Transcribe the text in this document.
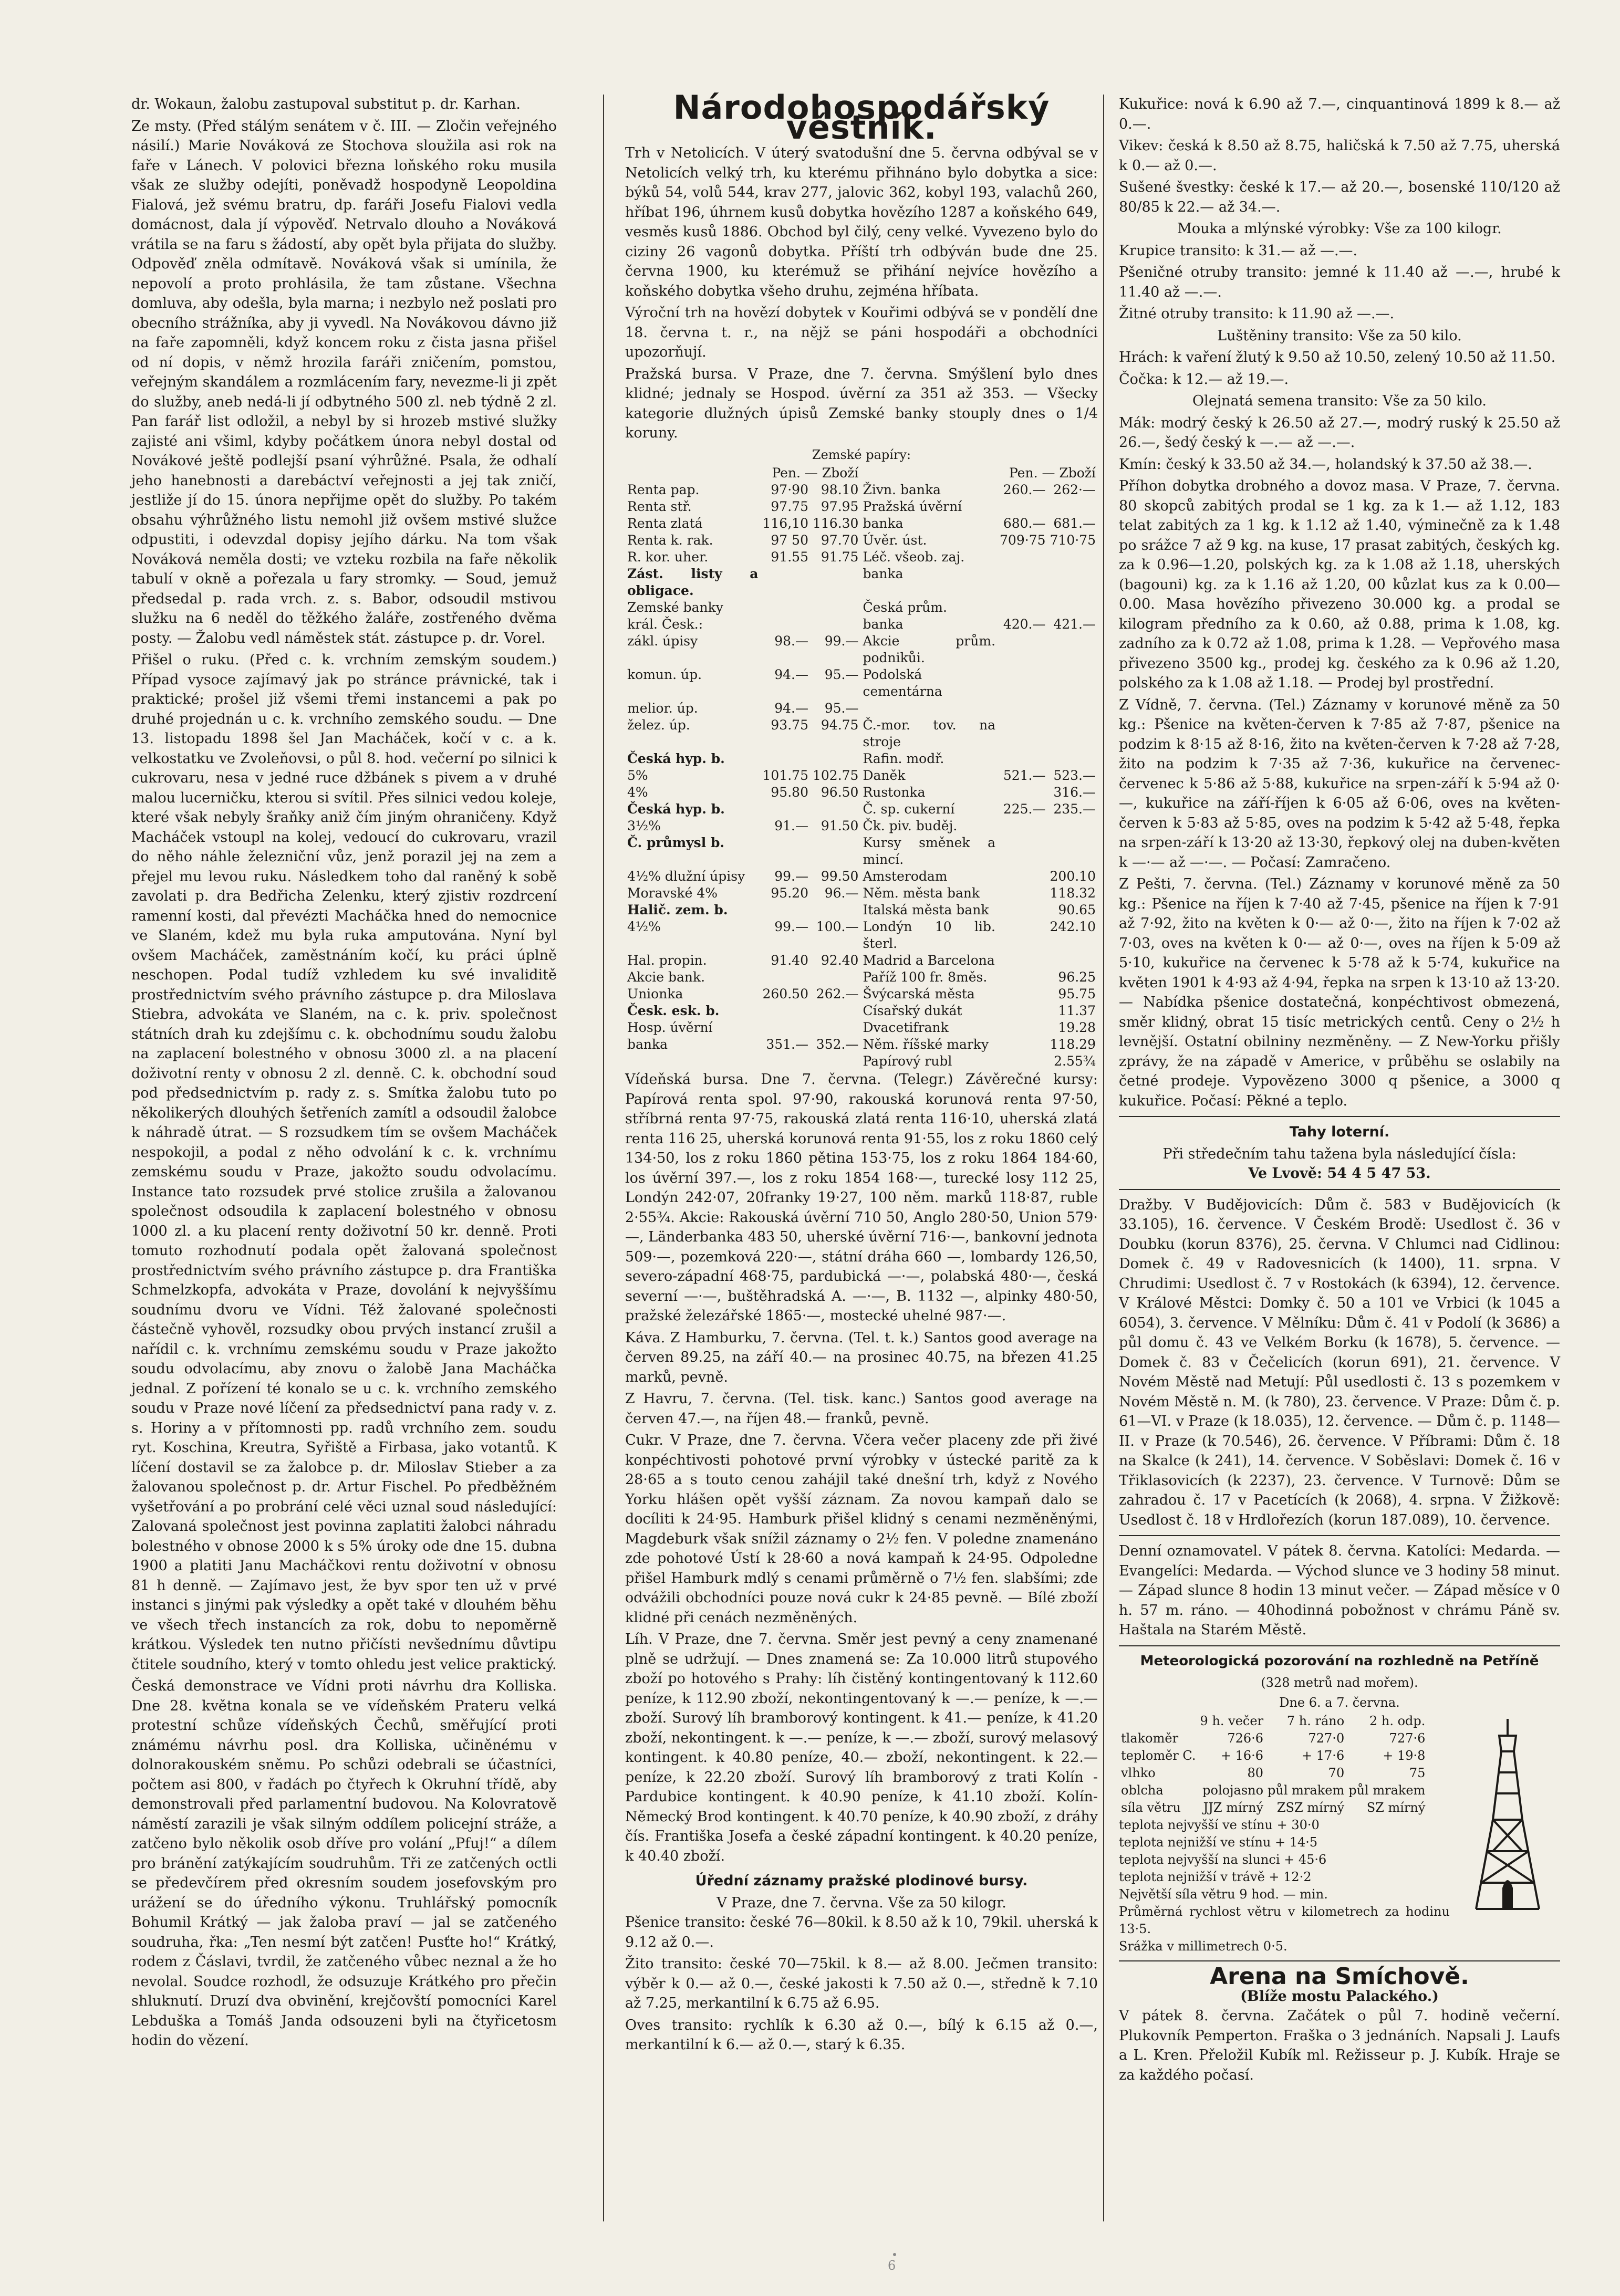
dr. Wokaun, žalobu zastupoval substitut p. dr. Karhan.

Ze msty. (Před stálým senátem v č. III. — Zločin veřejného násilí.) Marie Nováková ze Stochova sloužila asi rok na faře v Lánech. V polovici března loňského roku musila však ze služby odejíti, poněvadž hospodyně Leopoldina Fialová, jež svému bratru, dp. faráři Josefu Fialovi vedla domácnost, dala jí výpověď. Netrvalo dlouho a Nováková vrátila se na faru s žádostí, aby opět byla přijata do služby. Odpověď zněla odmítavě. Nováková však si umínila, že nepovolí a proto prohlásila, že tam zůstane. Všechna domluva, aby odešla, byla marna; i nezbylo než poslati pro obecního strážníka, aby ji vyvedl. Na Novákovou dávno již na faře zapomněli, když koncem roku z čista jasna přišel od ní dopis, v němž hrozila faráři zničením, pomstou, veřejným skandálem a rozmlácením fary, nevezme-li ji zpět do služby, aneb nedá-li jí odbytného 500 zl. neb týdně 2 zl. Pan farář list odložil, a nebyl by si hrozeb mstivé služky zajisté ani všiml, kdyby počátkem února nebyl dostal od Novákové ještě podlejší psaní výhrůžné. Psala, že odhalí jeho hanebnosti a darebáctví veřejnosti a jej tak zničí, jestliže jí do 15. února nepřijme opět do služby. Po takém obsahu výhrůžného listu nemohl již ovšem mstivé služce odpustiti, i odevzdal dopisy jejího dárku. Na tom však Nováková neměla dosti; ve vzteku rozbila na faře několik tabulí v okně a pořezala u fary stromky. — Soud, jemuž předsedal p. rada vrch. z. s. Babor, odsoudil mstivou služku na 6 neděl do těžkého žaláře, zostřeného dvěma posty. — Žalobu vedl náměstek stát. zástupce p. dr. Vorel.

Přišel o ruku. (Před c. k. vrchním zemským soudem.) Případ vysoce zajímavý jak po stránce právnické, tak i praktické; prošel již všemi třemi instancemi a pak po druhé projednán u c. k. vrchního zemského soudu. — Dne 13. listopadu 1898 šel Jan Macháček, kočí v c. a k. velkostatku ve Zvoleňovsi, o půl 8. hod. večerní po silnici k cukrovaru, nesa v jedné ruce džbánek s pivem a v druhé malou lucerničku, kterou si svítil. Přes silnici vedou koleje, které však nebyly šraňky aniž čím jiným ohraničeny. Když Macháček vstoupl na kolej, vedoucí do cukrovaru, vrazil do něho náhle železniční vůz, jenž porazil jej na zem a přejel mu levou ruku. Následkem toho dal raněný k sobě zavolati p. dra Bedřicha Zelenku, který zjistiv rozdrcení ramenní kosti, dal převézti Macháčka hned do nemocnice ve Slaném, kdež mu byla ruka amputována. Nyní byl ovšem Macháček, zaměstnáním kočí, ku práci úplně neschopen. Podal tudíž vzhledem ku své invaliditě prostřednictvím svého právního zástupce p. dra Miloslava Stiebra, advokáta ve Slaném, na c. k. priv. společnost státních drah ku zdejšímu c. k. obchodnímu soudu žalobu na zaplacení bolestného v obnosu 3000 zl. a na placení doživotní renty v obnosu 2 zl. denně. C. k. obchodní soud pod předsednictvím p. rady z. s. Smítka žalobu tuto po několikerých dlouhých šetřeních zamítl a odsoudil žalobce k náhradě útrat. — S rozsudkem tím se ovšem Macháček nespokojil, a podal z něho odvolání k c. k. vrchnímu zemskému soudu v Praze, jakožto soudu odvolacímu. Instance tato rozsudek prvé stolice zrušila a žalovanou společnost odsoudila k zaplacení bolestného v obnosu 1000 zl. a ku placení renty doživotní 50 kr. denně. Proti tomuto rozhodnutí podala opět žalovaná společnost prostřednictvím svého právního zástupce p. dra Františka Schmelzkopfa, advokáta v Praze, dovolání k nejvyššímu soudnímu dvoru ve Vídni. Též žalované společnosti částečně vyhověl, rozsudky obou prvých instancí zrušil a nařídil c. k. vrchnímu zemskému soudu v Praze jakožto soudu odvolacímu, aby znovu o žalobě Jana Macháčka jednal. Z pořízení té konalo se u c. k. vrchního zemského soudu v Praze nové líčení za předsednictví pana rady v. z. s. Horiny a v přítomnosti pp. radů vrchního zem. soudu ryt. Koschina, Kreutra, Syřiště a Firbasa, jako votantů. K líčení dostavil se za žalobce p. dr. Miloslav Stieber a za žalovanou společnost p. dr. Artur Fischel. Po předběžném vyšetřování a po probrání celé věci uznal soud následující: Zalovaná společnost jest povinna zaplatiti žalobci náhradu bolestného v obnose 2000 k s 5% úroky ode dne 15. dubna 1900 a platiti Janu Macháčkovi rentu doživotní v obnosu 81 h denně. — Zajímavo jest, že byv spor ten už v prvé instanci s jinými pak výsledky a opět také v dlouhém běhu ve všech třech instancích za rok, dobu to nepoměrně krátkou. Výsledek ten nutno přičísti nevšednímu důvtipu čtitele soudního, který v tomto ohledu jest velice praktický.

Česká demonstrace ve Vídni proti návrhu dra Kolliska. Dne 28. května konala se ve vídeňském Prateru velká protestní schůze vídeňských Čechů, směřující proti známému návrhu posl. dra Kolliska, učiněnému v dolnorakouském sněmu. Po schůzi odebrali se účastníci, počtem asi 800, v řadách po čtyřech k Okruhní třídě, aby demonstrovali před parlamentní budovou. Na Kolovratově náměstí zarazili je však silným oddílem policejní stráže, a zatčeno bylo několik osob dříve pro volání „Pfuj!“ a dílem pro bránění zatýkajícím soudruhům. Tři ze zatčených octli se předevčírem před okresním soudem josefovským pro urážení se do úředního výkonu. Truhlářský pomocník Bohumil Krátký — jak žaloba praví — jal se zatčeného soudruha, řka: „Ten nesmí být zatčen! Pusťte ho!“ Krátký, rodem z Čáslavi, tvrdil, že zatčeného vůbec neznal a že ho nevolal. Soudce rozhodl, že odsuzuje Krátkého pro přečin shluknutí. Druzí dva obvinění, krejčovští pomocníci Karel Lebduška a Tomáš Janda odsouzeni byli na čtyřicetosm hodin do vězení.

Národohospodářský věstník.

Trh v Netolicích. V úterý svatodušní dne 5. června odbýval se v Netolicích velký trh, ku kterému přihnáno bylo dobytka a sice: býků 54, volů 544, krav 277, jalovic 362, kobyl 193, valachů 260, hříbat 196, úhrnem kusů dobytka hovězího 1287 a koňského 649, vesměs kusů 1886. Obchod byl čilý, ceny velké. Vyvezeno bylo do ciziny 26 vagonů dobytka. Příští trh odbýván bude dne 25. června 1900, ku kterémuž se přihání nejvíce hovězího a koňského dobytka všeho druhu, zejména hříbata.

Výroční trh na hovězí dobytek v Kouřimi odbývá se v pondělí dne 18. června t. r., na nějž se páni hospodáři a obchodníci upozorňují.

Pražská bursa. V Praze, dne 7. června. Smýšlení bylo dnes klidné; jednaly se Hospod. úvěrní za 351 až 353. — Všecky kategorie dlužných úpisů Zemské banky stouply dnes o 1/4 koruny.

Zemské papíry:
	Pen. — Zboží			Pen. — Zboží	
Renta pap.	97·90	98.10	Živn. banka	260.—	262·—
Renta stř.	97.75	97.95	Pražská úvěrní		
Renta zlatá	116,10	116.30	banka	680.—	681.—
Renta k. rak.	97 50	97.70	Úvěr. úst.	709·75	710·75
R. kor. uher.	91.55	91.75	Léč. všeob. zaj.		
Zást. listy a obligace.			banka		
Zemské banky			Česká prům.		
král. Česk.:			banka	420.—	421.—
zákl. úpisy	98.—	99.—	Akcie prům. podnikůi.		
komun. úp.	94.—	95.—	Podolská cementárna		
melior. úp.	94.—	95.—			
želez. úp.	93.75	94.75	Č.-mor. tov. na stroje		
Česká hyp. b.			Rafin. modř.		
5%	101.75	102.75	Daněk	521.—	523.—
4%	95.80	96.50	Rustonka		316.—
Česká hyp. b.			Č. sp. cukerní	225.—	235.—
3½%	91.—	91.50	Čk. piv. buděj.		
Č. průmysl b.			Kursy směnek a mincí.		
4½% dlužní úpisy	99.—	99.50	Amsterodam		200.10
Moravské 4%	95.20	96.—	Něm. města bank		118.32
Halič. zem. b.			Italská města bank		90.65
4½%	99.—	100.—	Londýn 10 lib. šterl.		242.10
Hal. propin.	91.40	92.40	Madrid a Barcelona		
Akcie bank.			Paříž 100 fr. 8měs.		96.25
Unionka	260.50	262.—	Švýcarská města		95.75
Česk. esk. b.			Císařský dukát		11.37
Hosp. úvěrní			Dvacetifrank		19.28
banka	351.—	352.—	Něm. říšské marky		118.29
			Papírový rubl		2.55¾

Vídeňská bursa. Dne 7. června. (Telegr.) Závěrečné kursy: Papírová renta spol. 97·90, rakouská korunová renta 97·50, stříbrná renta 97·75, rakouská zlatá renta 116·10, uherská zlatá renta 116 25, uherská korunová renta 91·55, los z roku 1860 celý 134·50, los z roku 1860 pětina 153·75, los z roku 1864 184·60, los úvěrní 397.—, los z roku 1854 168·—, turecké losy 112 25, Londýn 242·07, 20franky 19·27, 100 něm. marků 118·87, ruble 2·55¾. Akcie: Rakouská úvěrní 710 50, Anglo 280·50, Union 579·—, Länderbanka 483 50, uherské úvěrní 716·—, bankovní jednota 509·—, pozemková 220·—, státní dráha 660 —, lombardy 126,50, severo-západní 468·75, pardubická —·—, polabská 480·—, česká severní —·—, buštěhradská A. —·—, B. 1132 —, alpinky 480·50, pražské železářské 1865·—, mostecké uhelné 987·—.

Káva. Z Hamburku, 7. června. (Tel. t. k.) Santos good average na červen 89.25, na září 40.— na prosinec 40.75, na březen 41.25 marků, pevně.

Z Havru, 7. června. (Tel. tisk. kanc.) Santos good average na červen 47.—, na říjen 48.— franků, pevně.

Cukr. V Praze, dne 7. června. Včera večer placeny zde při živé konpéchtivosti pohotové první výrobky v ústecké paritě za k 28·65 a s touto cenou zahájil také dnešní trh, když z Nového Yorku hlášen opět vyšší záznam. Za novou kampaň dalo se docíliti k 24·95. Hamburk přišel klidný s cenami nezměněnými, Magdeburk však snížil záznamy o 2½ fen. V poledne znamenáno zde pohotové Ústí k 28·60 a nová kampaň k 24·95. Odpoledne přišel Hamburk mdlý s cenami průměrně o 7½ fen. slabšími; zde odvážili obchodníci pouze nová cukr k 24·85 pevně. — Bílé zboží klidné při cenách nezměněných.

Líh. V Praze, dne 7. června. Směr jest pevný a ceny znamenané plně se udržují. — Dnes znamená se: Za 10.000 litrů stupového zboží po hotového s Prahy: líh čistěný kontingentovaný k 112.60 peníze, k 112.90 zboží, nekontingentovaný k —.— peníze, k —.— zboží. Surový líh bramborový kontingent. k 41.— peníze, k 41.20 zboží, nekontingent. k —.— peníze, k —.— zboží, surový melasový kontingent. k 40.80 peníze, 40.— zboží, nekontingent. k 22.— peníze, k 22.20 zboží. Surový líh bramborový z trati Kolín - Pardubice kontingent. k 40.90 peníze, k 41.10 zboží. Kolín-Německý Brod kontingent. k 40.70 peníze, k 40.90 zboží, z dráhy čís. Františka Josefa a české západní kontingent. k 40.20 peníze, k 40.40 zboží.

Úřední záznamy pražské plodinové bursy.
V Praze, dne 7. června. Vše za 50 kilogr.

Pšenice transito: české 76—80kil. k 8.50 až k 10, 79kil. uherská k 9.12 až 0.—.

Žito transito: české 70—75kil. k 8.— až 8.00. Ječmen transito: výběr k 0.— až 0.—, české jakosti k 7.50 až 0.—, středně k 7.10 až 7.25, merkantilní k 6.75 až 6.95.

Oves transito: rychlík k 6.30 až 0.—, bílý k 6.15 až 0.—, merkantilní k 6.— až 0.—, starý k 6.35.

Kukuřice: nová k 6.90 až 7.—, cinquantinová 1899 k 8.— až 0.—.

Vikev: česká k 8.50 až 8.75, haličská k 7.50 až 7.75, uherská k 0.— až 0.—.

Sušené švestky: české k 17.— až 20.—, bosenské 110/120 až 80/85 k 22.— až 34.—.

Mouka a mlýnské výrobky: Vše za 100 kilogr.

Krupice transito: k 31.— až —.—.

Pšeničné otruby transito: jemné k 11.40 až —.—, hrubé k 11.40 až —.—.

Žitné otruby transito: k 11.90 až —.—.

Luštěniny transito: Vše za 50 kilo.

Hrách: k vaření žlutý k 9.50 až 10.50, zelený 10.50 až 11.50.

Čočka: k 12.— až 19.—.

Olejnatá semena transito: Vše za 50 kilo.

Mák: modrý český k 26.50 až 27.—, modrý ruský k 25.50 až 26.—, šedý český k —.— až —.—.

Kmín: český k 33.50 až 34.—, holandský k 37.50 až 38.—.

Příhon dobytka drobného a dovoz masa. V Praze, 7. června. 80 skopců zabitých prodal se 1 kg. za k 1.— až 1.12, 183 telat zabitých za 1 kg. k 1.12 až 1.40, výminečně za k 1.48 po srážce 7 až 9 kg. na kuse, 17 prasat zabitých, českých kg. za k 0.96—1.20, polských kg. za k 1.08 až 1.18, uherských (bagouni) kg. za k 1.16 až 1.20, 00 kůzlat kus za k 0.00—0.00. Masa hovězího přivezeno 30.000 kg. a prodal se kilogram předního za k 0.60, až 0.88, prima k 1.08, kg. zadního za k 0.72 až 1.08, prima k 1.28. — Vepřového masa přivezeno 3500 kg., prodej kg. českého za k 0.96 až 1.20, polského za k 1.08 až 1.18. — Prodej byl prostřední.

Z Vídně, 7. června. (Tel.) Záznamy v korunové měně za 50 kg.: Pšenice na květen-červen k 7·85 až 7·87, pšenice na podzim k 8·15 až 8·16, žito na květen-červen k 7·28 až 7·28, žito na podzim k 7·35 až 7·36, kukuřice na červenec-červenec k 5·86 až 5·88, kukuřice na srpen-září k 5·94 až 0·—, kukuřice na září-říjen k 6·05 až 6·06, oves na květen-červen k 5·83 až 5·85, oves na podzim k 5·42 až 5·48, řepka na srpen-září k 13·20 až 13·30, řepkový olej na duben-květen k —·— až —·—. — Počasí: Zamračeno.

Z Pešti, 7. června. (Tel.) Záznamy v korunové měně za 50 kg.: Pšenice na říjen k 7·40 až 7·45, pšenice na říjen k 7·91 až 7·92, žito na květen k 0·— až 0·—, žito na říjen k 7·02 až 7·03, oves na květen k 0·— až 0·—, oves na říjen k 5·09 až 5·10, kukuřice na červenec k 5·78 až k 5·74, kukuřice na květen 1901 k 4·93 až 4·94, řepka na srpen k 13·10 až 13·20. — Nabídka pšenice dostatečná, konpéchtivost obmezená, směr klidný, obrat 15 tisíc metrických centů. Ceny o 2½ h levnější. Ostatní obilniny nezměněny. — Z New-Yorku přišly zprávy, že na západě v Americe, v průběhu se oslabily na četné prodeje. Vypovězeno 3000 q pšenice, a 3000 q kukuřice. Počasí: Pěkné a teplo.

Tahy loterní.
Při středečním tahu tažena byla následující čísla:
Ve Lvově: 54 4 5 47 53.

Dražby. V Budějovicích: Dům č. 583 v Budějovicích (k 33.105), 16. července. V Českém Brodě: Usedlost č. 36 v Doubku (korun 8376), 25. června. V Chlumci nad Cidlinou: Domek č. 49 v Radovesnicích (k 1400), 11. srpna. V Chrudimi: Usedlost č. 7 v Rostokách (k 6394), 12. července. V Králové Městci: Domky č. 50 a 101 ve Vrbici (k 1045 a 6054), 3. července. V Mělníku: Dům č. 41 v Podolí (k 3686) a půl domu č. 43 ve Velkém Borku (k 1678), 5. července. — Domek č. 83 v Čečelicích (korun 691), 21. července. V Novém Městě nad Metují: Půl usedlosti č. 13 s pozemkem v Novém Městě n. M. (k 780), 23. července. V Praze: Dům č. p. 61—VI. v Praze (k 18.035), 12. července. — Dům č. p. 1148—II. v Praze (k 70.546), 26. července. V Příbrami: Dům č. 18 na Skalce (k 241), 14. července. V Soběslavi: Domek č. 16 v Třiklasovicích (k 2237), 23. července. V Turnově: Dům se zahradou č. 17 v Pacetících (k 2068), 4. srpna. V Žižkově: Usedlost č. 18 v Hrdlořezích (korun 187.089), 10. července.

Denní oznamovatel. V pátek 8. června. Katolíci: Medarda. — Evangelíci: Medarda. — Východ slunce ve 3 hodiny 58 minut. — Západ slunce 8 hodin 13 minut večer. — Západ měsíce v 0 h. 57 m. ráno. — 40hodinná pobožnost v chrámu Páně sv. Haštala na Starém Městě.

Meteorologická pozorování na rozhledně na Petříně
(328 metrů nad mořem).
Dne 6. a 7. června.
	9 h. večer	7 h. ráno	2 h. odp.
tlakoměr	726·6	727·0	727·6
teploměr C.	+ 16·6	+ 17·6	+ 19·8
vlhko	80	70	75
oblcha	polojasno	půl mrakem	půl mrakem
síla větru	JJZ mírný	ZSZ mírný	SZ mírný
teplota nejvyšší ve stínu + 30·0
teplota nejnižší ve stínu + 14·5
teplota nejvyšší na slunci + 45·6
teplota nejnižší v trávě + 12·2
Největší síla větru 9 hod. — min.
Průměrná rychlost větru v kilometrech za hodinu 13·5.
Srážka v millimetrech 0·5.
Arena na Smíchově.
(Blíže mostu Palackého.)

V pátek 8. června. Začátek o půl 7. hodině večerní. Plukovník Pemperton. Fraška o 3 jednáních. Napsali J. Laufs a L. Kren. Přeložil Kubík ml. Režisseur p. J. Kubík. Hraje se za každého počasí.

6
